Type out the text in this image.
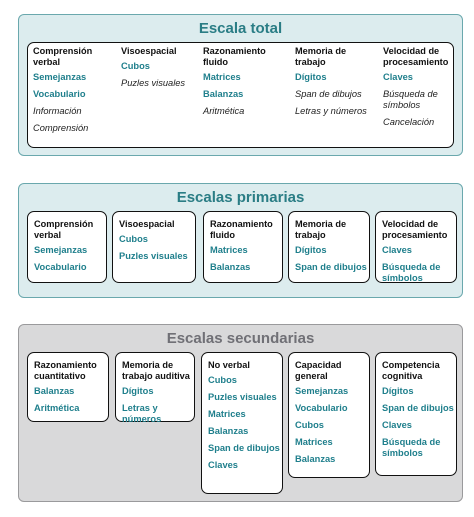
Escala total
Comprensión verbal
Semejanzas
Vocabulario
Información
Comprensión
Visoespacial
Cubos
Puzles visuales
Razonamiento fluido
Matrices
Balanzas
Aritmética
Memoria de trabajo
Dígitos
Span de dibujos
Letras y números
Velocidad de procesamiento
Claves
Búsqueda de símbolos
Cancelación
Escalas primarias
Comprensión verbal
Semejanzas
Vocabulario
Visoespacial
Cubos
Puzles visuales
Razonamiento fluido
Matrices
Balanzas
Memoria de trabajo
Dígitos
Span de dibujos
Velocidad de procesamiento
Claves
Búsqueda de símbolos
Escalas secundarias
Razonamiento cuantitativo
Balanzas
Aritmética
Memoria de trabajo auditiva
Dígitos
Letras y números
No verbal
Cubos
Puzles visuales
Matrices
Balanzas
Span de dibujos
Claves
Capacidad general
Semejanzas
Vocabulario
Cubos
Matrices
Balanzas
Competencia cognitiva
Dígitos
Span de dibujos
Claves
Búsqueda de símbolos
